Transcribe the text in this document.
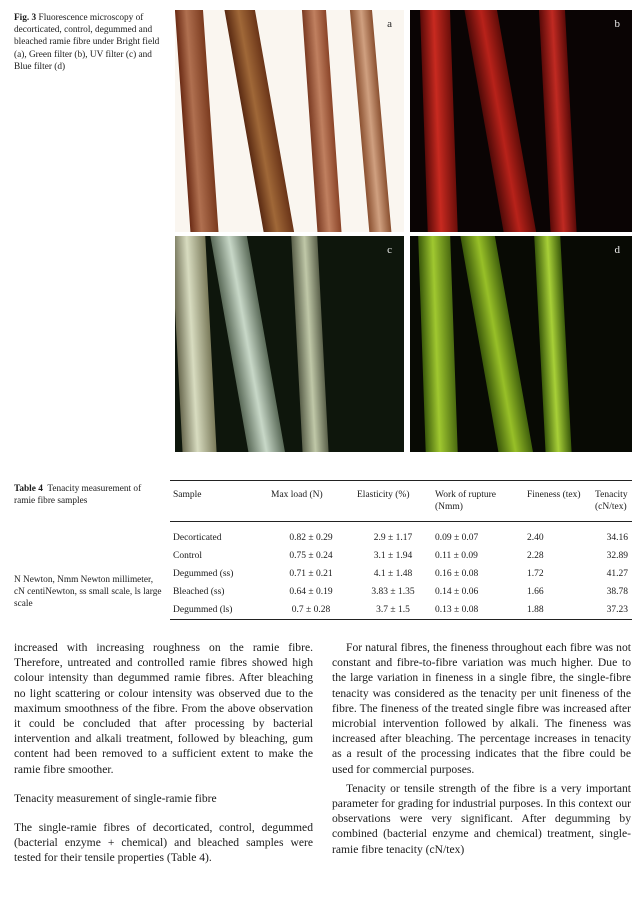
Fig. 3 Fluorescence microscopy of decorticated, control, degummed and bleached ramie fibre under Bright field (a), Green filter (b), UV filter (c) and Blue filter (d)
a	b
c	d
Table 4 Tenacity measurement of ramie fibre samples
N Newton, Nmm Newton millimeter, cN centiNewton, ss small scale, ls large scale
Sample	Max load (N)	Elasticity (%)	Work of rupture (Nmm)	Fineness (tex)	Tenacity (cN/tex)
Decorticated	0.82 ± 0.29	2.9 ± 1.17	0.09 ± 0.07	2.40	34.16
Control	0.75 ± 0.24	3.1 ± 1.94	0.11 ± 0.09	2.28	32.89
Degummed (ss)	0.71 ± 0.21	4.1 ± 1.48	0.16 ± 0.08	1.72	41.27
Bleached (ss)	0.64 ± 0.19	3.83 ± 1.35	0.14 ± 0.06	1.66	38.78
Degummed (ls)	0.7 ± 0.28	3.7 ± 1.5	0.13 ± 0.08	1.88	37.23

increased with increasing roughness on the ramie fibre. Therefore, untreated and controlled ramie fibres showed high colour intensity than degummed ramie fibres. After bleaching no light scattering or colour intensity was observed due to the maximum smoothness of the fibre. From the above observation it could be concluded that after processing by bacterial intervention and alkali treatment, followed by bleaching, gum content had been removed to a sufficient extent to make the ramie fibre smoother.

Tenacity measurement of single-ramie fibre

The single-ramie fibres of decorticated, control, degummed (bacterial enzyme + chemical) and bleached samples were tested for their tensile properties (Table 4).

For natural fibres, the fineness throughout each fibre was not constant and fibre-to-fibre variation was much higher. Due to the large variation in fineness in a single fibre, the single-fibre tenacity was considered as the tenacity per unit fineness of the fibre. The fineness of the treated single fibre was increased after microbial intervention followed by alkali. The fineness was increased after bleaching. The percentage increases in tenacity as a result of the processing indicates that the fibre could be used for commercial purposes.

Tenacity or tensile strength of the fibre is a very important parameter for grading for industrial purposes. In this context our observations were very significant. After degumming by combined (bacterial enzyme and chemical) treatment, single-ramie fibre tenacity (cN/tex)
